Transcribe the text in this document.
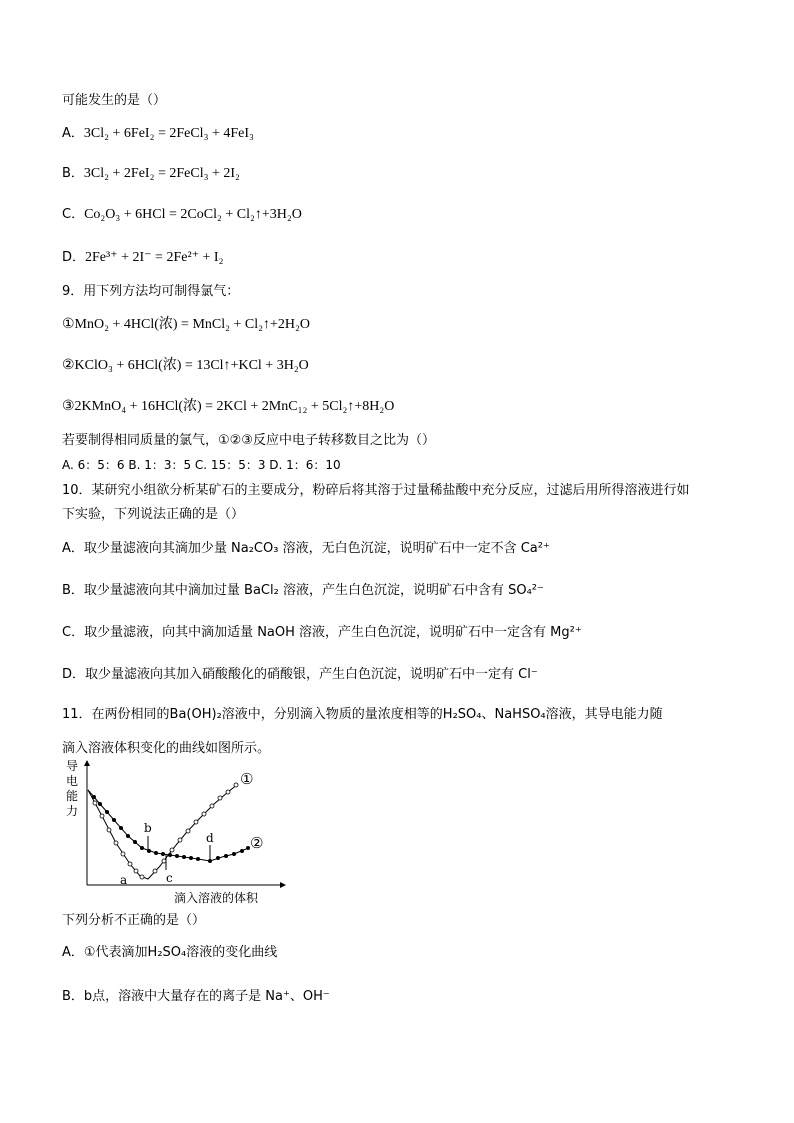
可能发生的是（）
A．3Cl₂ + 6FeI₂ = 2FeCl₃ + 4FeI₃
B．3Cl₂ + 2FeI₂ = 2FeCl₃ + 2I₂
C．Co₂O₃ + 6HCl = 2CoCl₂ + Cl₂↑+3H₂O
D．2Fe³⁺ + 2I⁻ = 2Fe²⁺ + I₂
9．用下列方法均可制得氯气：
①MnO₂ + 4HCl(浓) = MnCl₂ + Cl₂↑+2H₂O
②KClO₃ + 6HCl(浓) = 13Cl↑+KCl + 3H₂O
③2KMnO₄ + 16HCl(浓) = 2KCl + 2MnC₁₂ + 5Cl₂↑+8H₂O
若要制得相同质量的氯气，①②③反应中电子转移数目之比为（）
A. 6：5：6 B. 1：3：5 C. 15：5：3 D. 1：6：10
10．某研究小组欲分析某矿石的主要成分，粉碎后将其溶于过量稀盐酸中充分反应，过滤后用所得溶液进行如
下实验，下列说法正确的是（）
A．取少量滤液向其滴加少量 Na₂CO₃ 溶液，无白色沉淀，说明矿石中一定不含 Ca²⁺
B．取少量滤液向其中滴加过量 BaCl₂ 溶液，产生白色沉淀，说明矿石中含有 SO₄²⁻
C．取少量滤液，向其中滴加适量 NaOH 溶液，产生白色沉淀，说明矿石中一定含有 Mg²⁺
D．取少量滤液向其加入硝酸酸化的硝酸银，产生白色沉淀，说明矿石中一定有 Cl⁻
11．在两份相同的Ba(OH)₂溶液中，分别滴入物质的量浓度相等的H₂SO₄、NaHSO₄溶液，其导电能力随
滴入溶液体积变化的曲线如图所示。
导
电
能
力
b
a	c
d
①
②
滴入溶液的体积
下列分析不正确的是（）
A．①代表滴加H₂SO₄溶液的变化曲线
B．b点，溶液中大量存在的离子是 Na⁺、OH⁻
